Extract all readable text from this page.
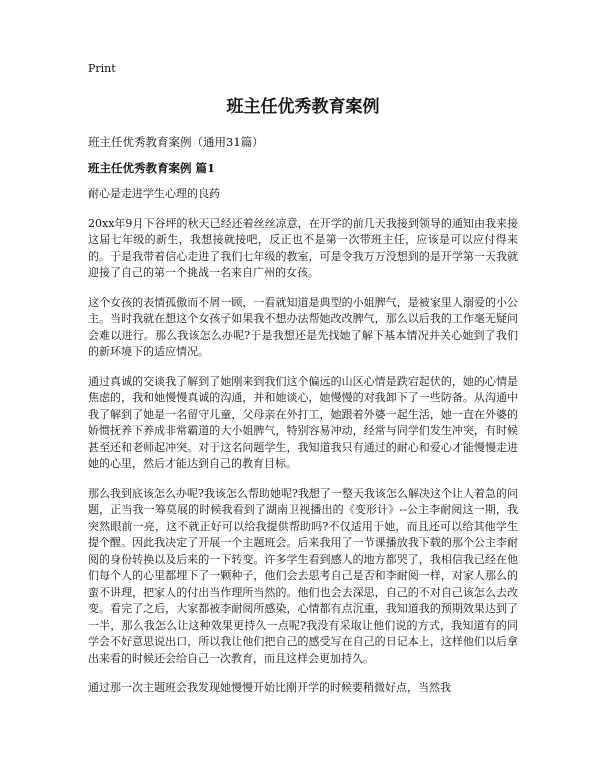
Print
班主任优秀教育案例
班主任优秀教育案例（通用31篇）
班主任优秀教育案例 篇1

耐心是走进学生心理的良药

20xx年9月下谷坪的秋天已经还着丝丝凉意，在开学的前几天我接到领导的通知由我来接这届七年级的新生，我想接就接吧，反正也不是第一次带班主任，应该是可以应付得来的。于是我带着信心走进了我们七年级的教室，可是令我万万没想到的是开学第一天我就迎接了自己的第一个挑战一名来自广州的女孩。

这个女孩的表情孤傲而不屑一顾，一看就知道是典型的小姐脾气，是被家里人溺爱的小公主。当时我就在想这个女孩子如果我不想办法帮她改改脾气，那么以后我的工作毫无疑问会难以进行。那么我该怎么办呢?于是我想还是先找她了解下基本情况并关心她到了我们的新环境下的适应情况。

通过真诚的交谈我了解到了她刚来到我们这个偏远的山区心情是跌宕起伏的，她的心情是焦虑的，我和她慢慢真诚的沟通，并和她谈心，她慢慢的对我卸下了一些防备。从沟通中我了解到了她是一名留守儿童，父母亲在外打工，她跟着外婆一起生活，她一直在外婆的娇惯抚养下养成非常霸道的大小姐脾气，特别容易冲动，经常与同学们发生冲突，有时候甚至还和老师起冲突。对于这名问题学生，我知道我只有通过的耐心和爱心才能慢慢走进她的心里，然后才能达到自己的教育目标。

那么我到底该怎么办呢?我该怎么帮助她呢?我想了一整天我该怎么解决这个让人着急的问题，正当我一筹莫展的时候我看到了湖南卫视播出的《变形计》--公主李耐阅这一期，我突然眼前一亮，这不就正好可以给我提供帮助吗?不仅适用于她，而且还可以给其他学生提个醒。因此我决定了开展一个主题班会。后来我用了一节课播放我下载的那个公主李耐阅的身份转换以及后来的一下转变。许多学生看到感人的地方都哭了，我相信我已经在他们每个人的心里都埋下了一颗种子，他们会去思考自己是否和李耐阅一样，对家人那么的蛮不讲理，把家人的付出当作理所当然的。他们也会去深思，自己的不对自己该怎么去改变。看完了之后，大家都被李耐阅所感染，心情都有点沉重，我知道我的预期效果达到了一半，那么我怎么让这种效果更持久一点呢?我没有采取让他们说的方式，我知道有的同学会不好意思说出口，所以我让他们把自己的感受写在自己的日记本上，这样他们以后拿出来看的时候还会给自己一次教育，而且这样会更加持久。

通过那一次主题班会我发现她慢慢开始比刚开学的时候要稍微好点，当然我
